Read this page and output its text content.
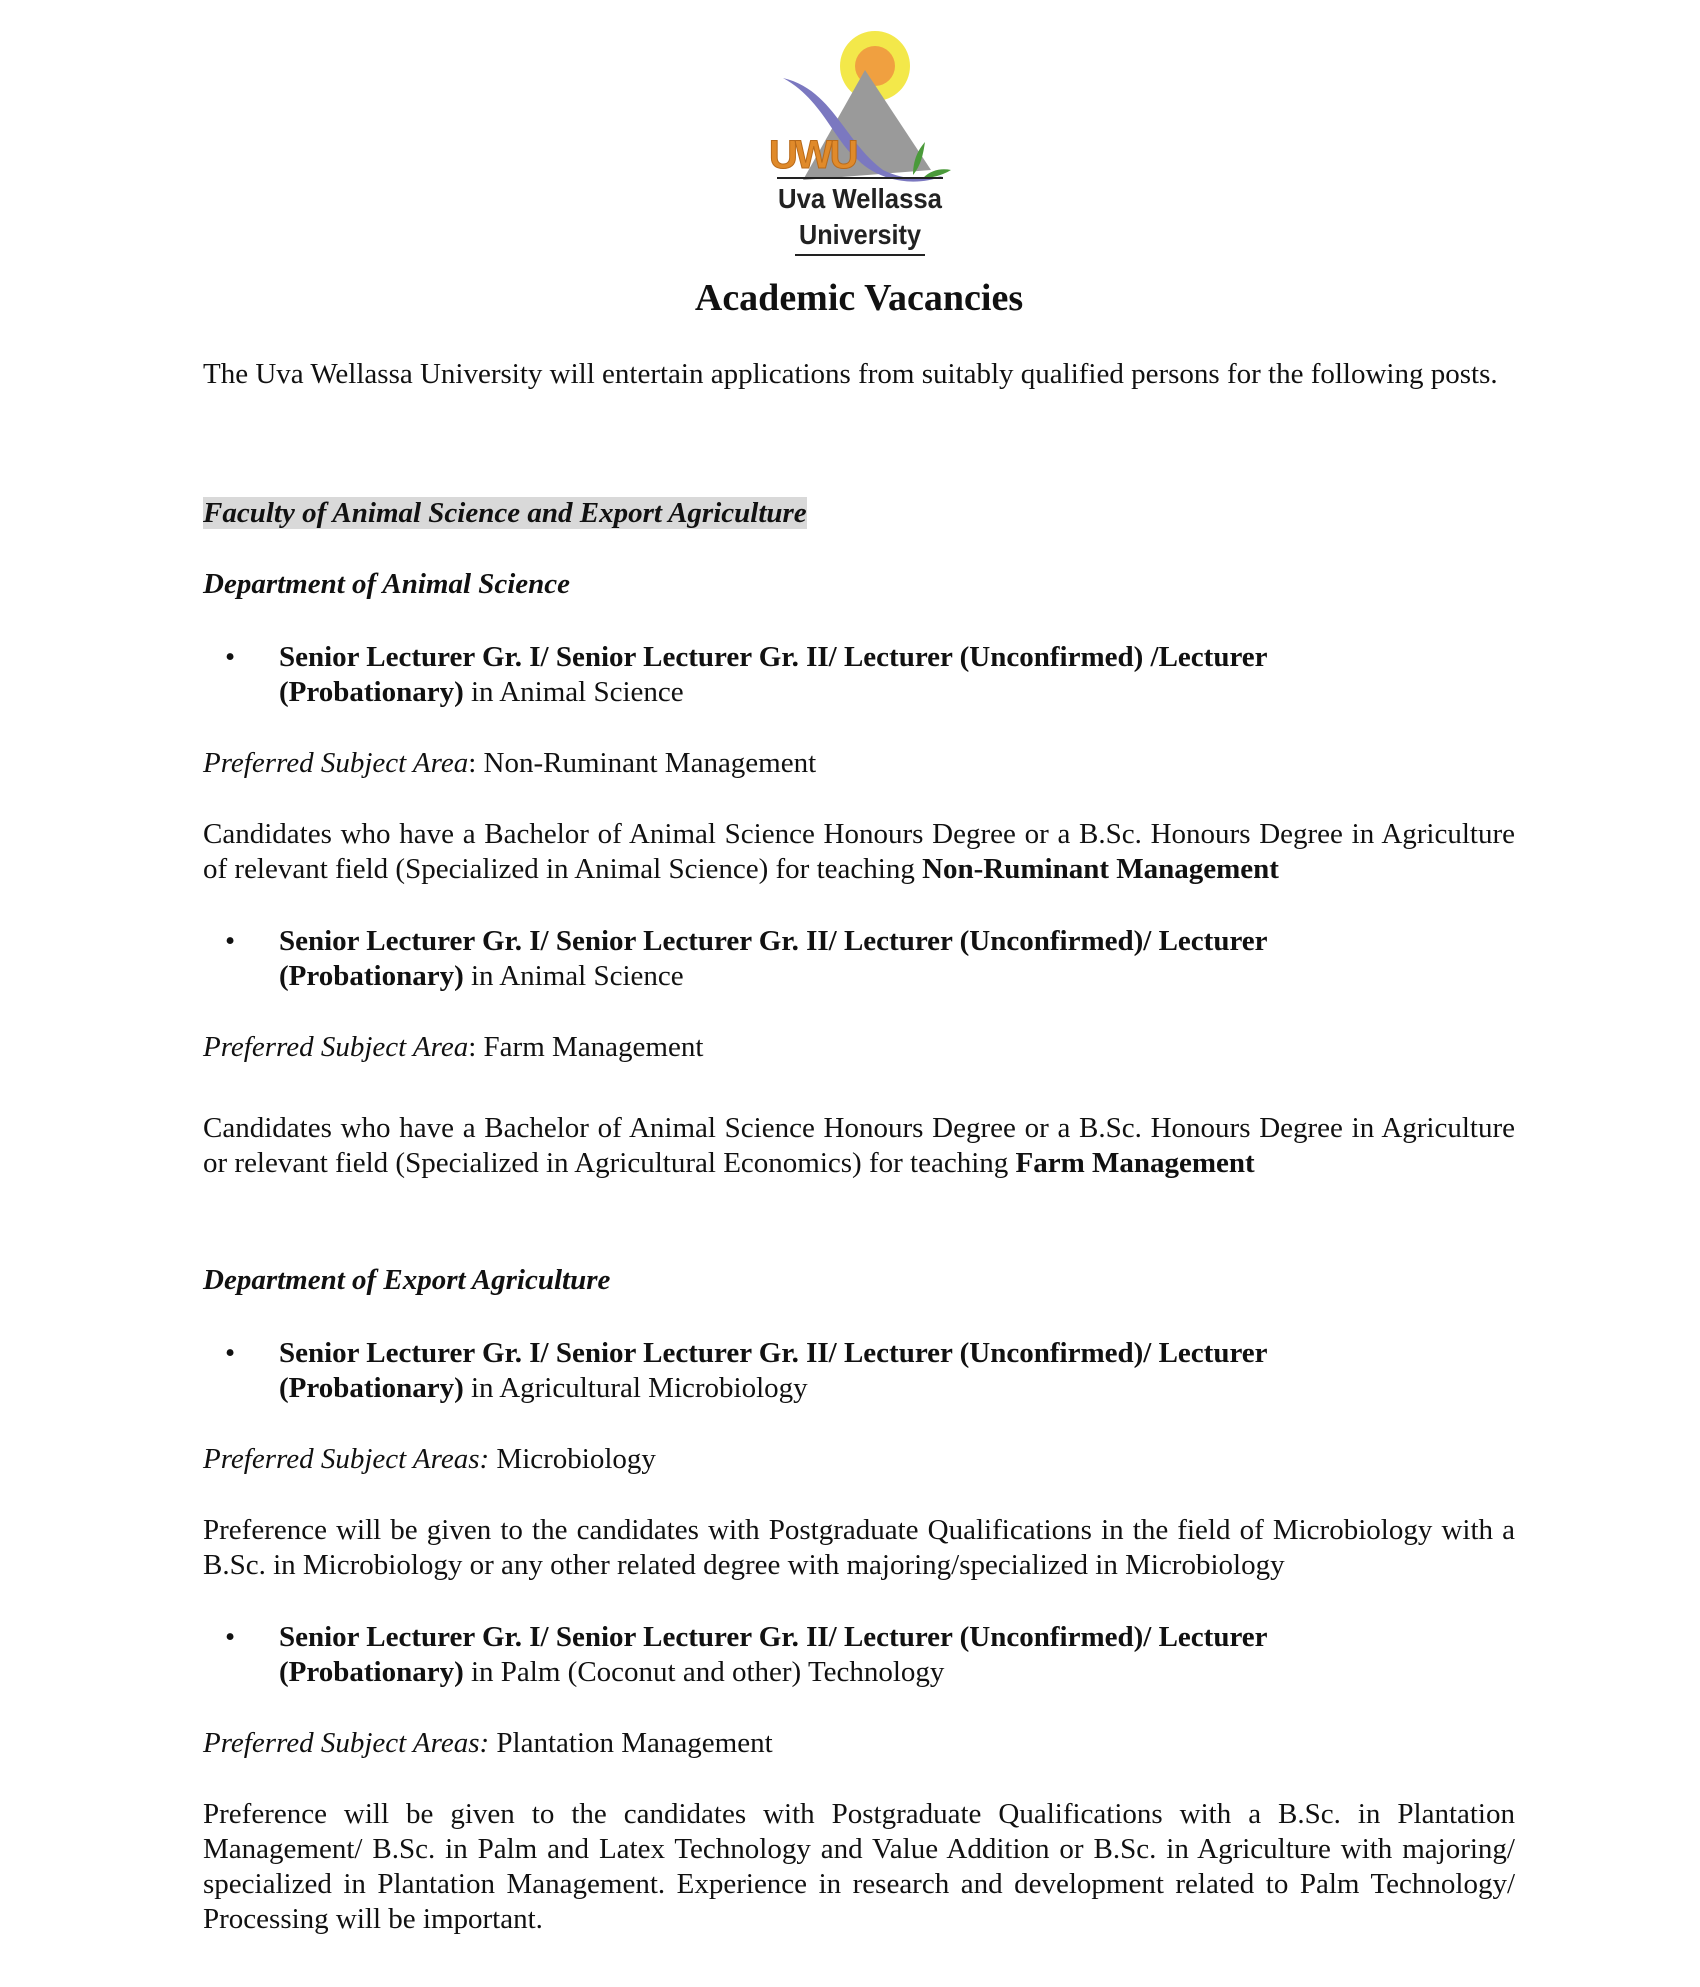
UWU
Uva Wellassa
University
Academic Vacancies
The Uva Wellassa University will entertain applications from suitably qualified persons for the following posts.
Faculty of Animal Science and Export Agriculture
Department of Animal Science
• Senior Lecturer Gr. I/ Senior Lecturer Gr. II/ Lecturer (Unconfirmed) /Lecturer
(Probationary) in Animal Science
Preferred Subject Area: Non-Ruminant Management
Candidates who have a Bachelor of Animal Science Honours Degree or a B.Sc. Honours Degree in Agriculture of relevant field (Specialized in Animal Science) for teaching Non-Ruminant Management
• Senior Lecturer Gr. I/ Senior Lecturer Gr. II/ Lecturer (Unconfirmed)/ Lecturer
(Probationary) in Animal Science
Preferred Subject Area: Farm Management
Candidates who have a Bachelor of Animal Science Honours Degree or a B.Sc. Honours Degree in Agriculture or relevant field (Specialized in Agricultural Economics) for teaching Farm Management
Department of Export Agriculture
• Senior Lecturer Gr. I/ Senior Lecturer Gr. II/ Lecturer (Unconfirmed)/ Lecturer
(Probationary) in Agricultural Microbiology
Preferred Subject Areas: Microbiology
Preference will be given to the candidates with Postgraduate Qualifications in the field of Microbiology with a B.Sc. in Microbiology or any other related degree with majoring/specialized in Microbiology
• Senior Lecturer Gr. I/ Senior Lecturer Gr. II/ Lecturer (Unconfirmed)/ Lecturer
(Probationary) in Palm (Coconut and other) Technology
Preferred Subject Areas: Plantation Management
Preference will be given to the candidates with Postgraduate Qualifications with a B.Sc. in Plantation Management/ B.Sc. in Palm and Latex Technology and Value Addition or B.Sc. in Agriculture with majoring/ specialized in Plantation Management. Experience in research and development related to Palm Technology/ Processing will be important.
